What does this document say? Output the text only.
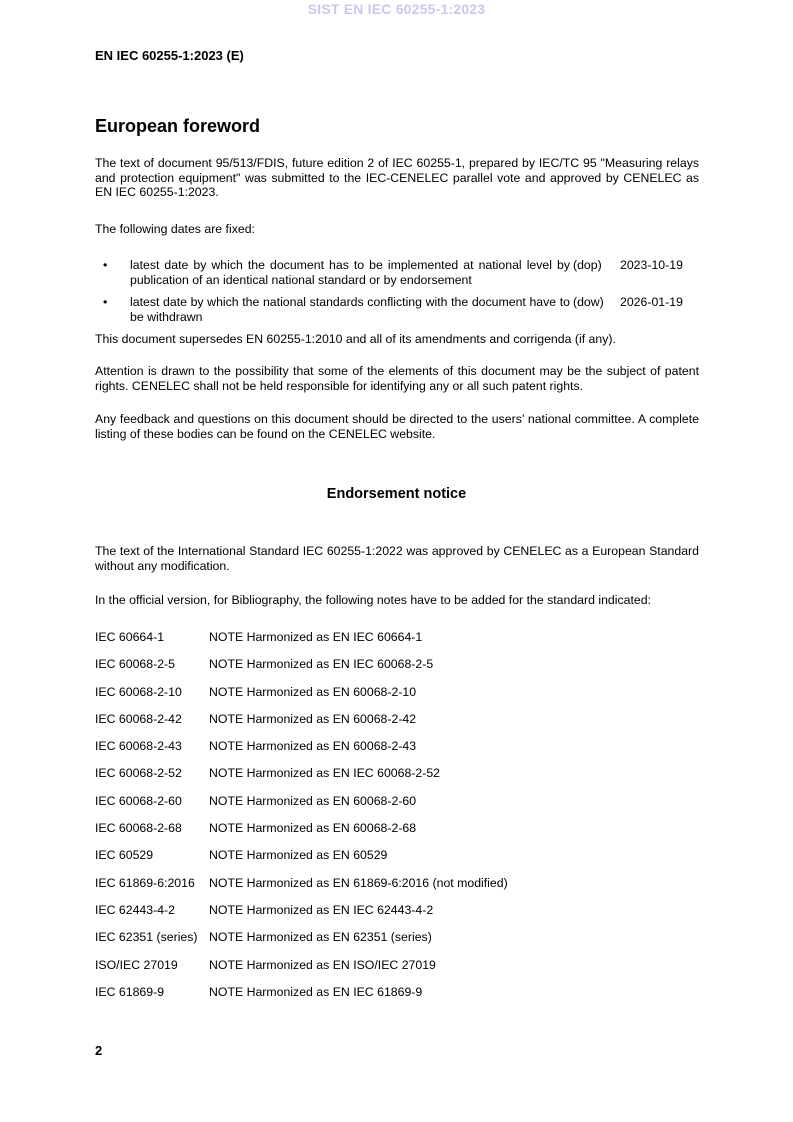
SIST EN IEC 60255-1:2023
EN IEC 60255-1:2023 (E)
European foreword
The text of document 95/513/FDIS, future edition 2 of IEC 60255-1, prepared by IEC/TC 95 "Measuring relays and protection equipment" was submitted to the IEC-CENELEC parallel vote and approved by CENELEC as EN IEC 60255-1:2023.
The following dates are fixed:
• latest date by which the document has to be implemented at national level by publication of an identical national standard or by endorsement
(dop)	2023-10-19
• latest date by which the national standards conflicting with the document have to be withdrawn
(dow)	2026-01-19
This document supersedes EN 60255-1:2010 and all of its amendments and corrigenda (if any).
Attention is drawn to the possibility that some of the elements of this document may be the subject of patent rights. CENELEC shall not be held responsible for identifying any or all such patent rights.
Any feedback and questions on this document should be directed to the users’ national committee. A complete listing of these bodies can be found on the CENELEC website.
Endorsement notice
The text of the International Standard IEC 60255-1:2022 was approved by CENELEC as a European Standard without any modification.
In the official version, for Bibliography, the following notes have to be added for the standard indicated:
IEC 60664-1	NOTE Harmonized as EN IEC 60664-1
IEC 60068-2-5	NOTE Harmonized as EN IEC 60068-2-5
IEC 60068-2-10 NOTE Harmonized as EN 60068-2-10
IEC 60068-2-42 NOTE Harmonized as EN 60068-2-42
IEC 60068-2-43 NOTE Harmonized as EN 60068-2-43
IEC 60068-2-52 NOTE Harmonized as EN IEC 60068-2-52
IEC 60068-2-60 NOTE Harmonized as EN 60068-2-60
IEC 60068-2-68 NOTE Harmonized as EN 60068-2-68
IEC 60529	NOTE Harmonized as EN 60529
IEC 61869-6:2016 NOTE Harmonized as EN 61869-6:2016 (not modified)
IEC 62443-4-2	NOTE Harmonized as EN IEC 62443-4-2
IEC 62351 (series) NOTE Harmonized as EN 62351 (series)
ISO/IEC 27019	NOTE Harmonized as EN ISO/IEC 27019
IEC 61869-9	NOTE Harmonized as EN IEC 61869-9
2
